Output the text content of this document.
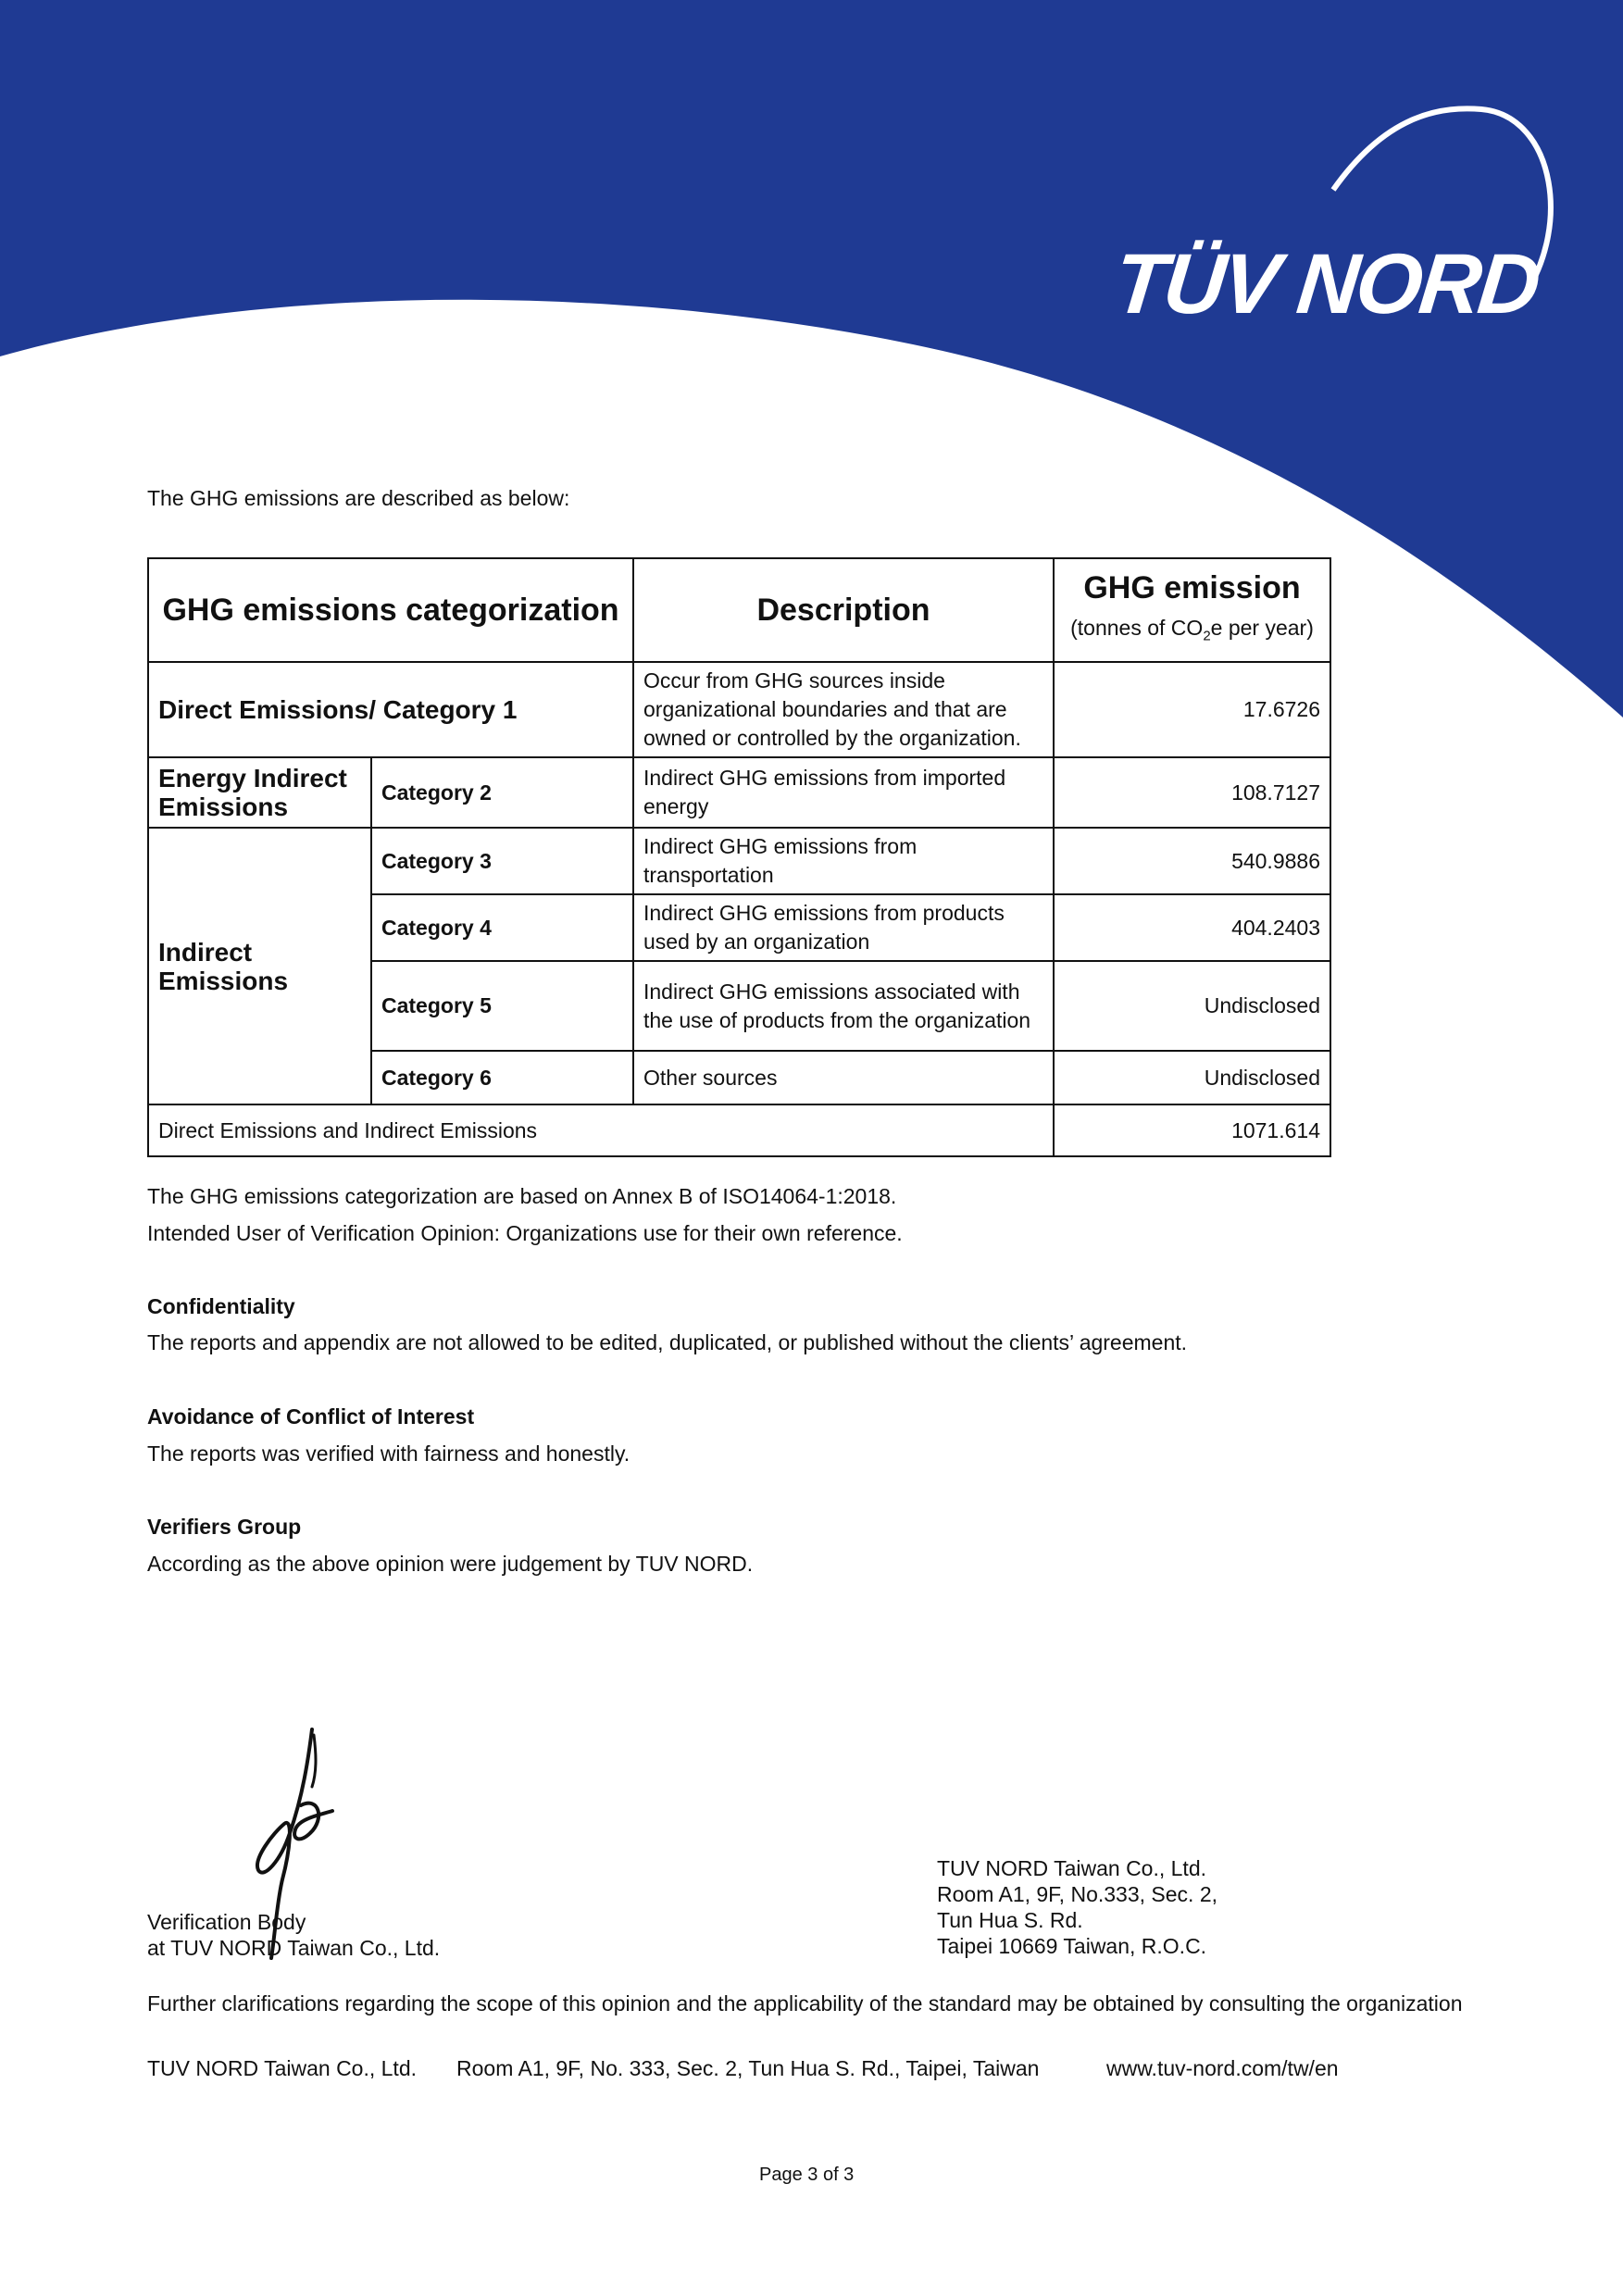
TÜV NORD
The GHG emissions are described as below:
GHG emissions categorization		Description	GHG emission
(tonnes of $CO_2e$ per year)

Direct Emissions/ Category 1		Occur from GHG sources inside organizational boundaries and that are owned or controlled by the organization.	17.6726
Energy Indirect Emissions	Category 2	Indirect GHG emissions from imported energy	108.7127
Indirect Emissions	Category 3	Indirect GHG emissions from transportation	540.9886
	Category 4	Indirect GHG emissions from products used by an organization	404.2403
	Category 5	Indirect GHG emissions associated with the use of products from the organization	Undisclosed
	Category 6	Other sources	Undisclosed
Direct Emissions and Indirect Emissions			1071.614
The GHG emissions categorization are based on Annex B of ISO14064-1:2018.
Intended User of Verification Opinion: Organizations use for their own reference.
Confidentiality
The reports and appendix are not allowed to be edited, duplicated, or published without the clients’ agreement.
Avoidance of Conflict of Interest
The reports was verified with fairness and honestly.
Verifiers Group
According as the above opinion were judgement by TUV NORD.
Verification Body
at TUV NORD Taiwan Co., Ltd.
TUV NORD Taiwan Co., Ltd.
Room A1, 9F, No.333, Sec. 2,
Tun Hua S. Rd.
Taipei 10669 Taiwan, R.O.C.
Further clarifications regarding the scope of this opinion and the applicability of the standard may be obtained by consulting the organization
TUV NORD Taiwan Co., Ltd. Room A1, 9F, No. 333, Sec. 2, Tun Hua S. Rd., Taipei, Taiwan	www.tuv-nord.com/tw/en
Page 3 of 3
